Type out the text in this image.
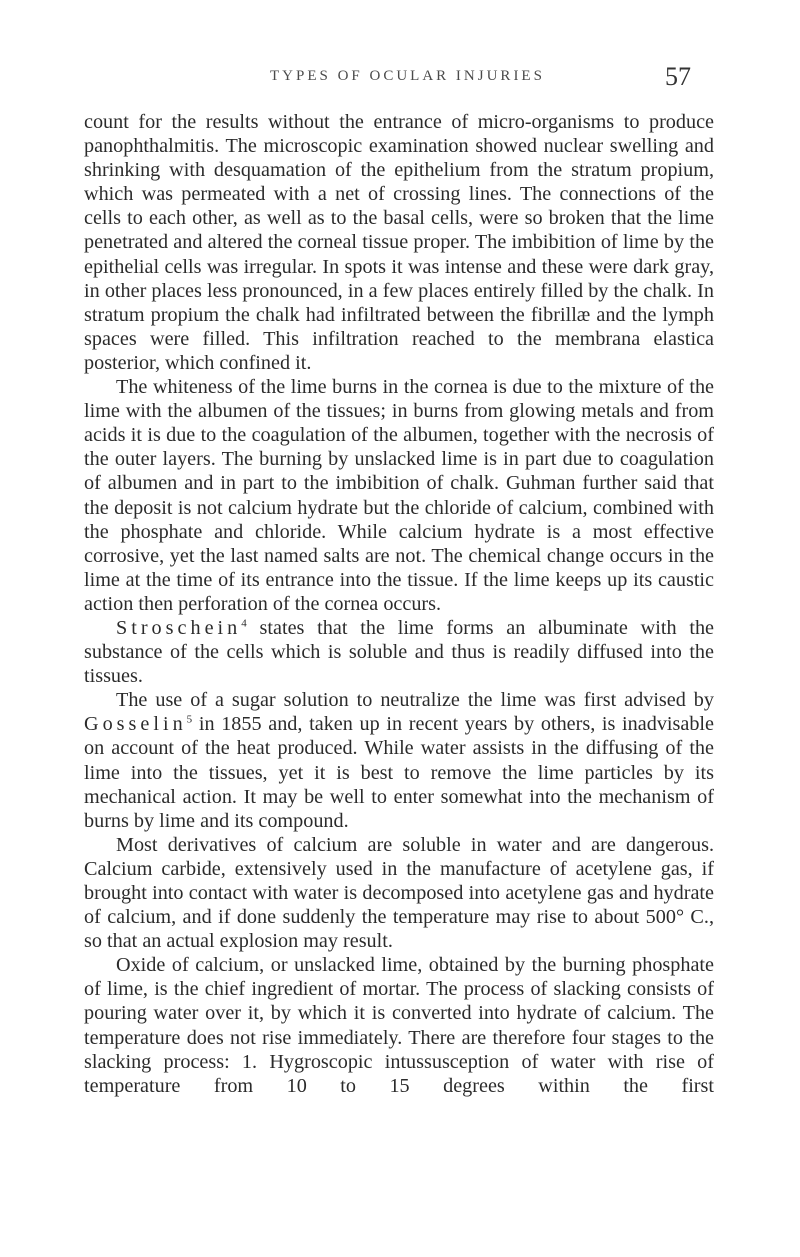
TYPES OF OCULAR INJURIES	57

count for the results without the entrance of micro-organisms to produce panophthalmitis. The microscopic examination showed nuclear swelling and shrinking with desquamation of the epithelium from the stratum propium, which was permeated with a net of crossing lines. The connections of the cells to each other, as well as to the basal cells, were so broken that the lime penetrated and altered the corneal tissue proper. The imbibition of lime by the epithelial cells was irregular. In spots it was intense and these were dark gray, in other places less pronounced, in a few places entirely filled by the chalk. In stratum propium the chalk had infiltrated between the fibrillæ and the lymph spaces were filled. This infiltration reached to the membrana elastica posterior, which confined it.

The whiteness of the lime burns in the cornea is due to the mixture of the lime with the albumen of the tissues; in burns from glowing metals and from acids it is due to the coagulation of the albumen, together with the necrosis of the outer layers. The burning by unslacked lime is in part due to coagulation of albumen and in part to the imbibition of chalk. Guhman further said that the deposit is not calcium hydrate but the chloride of calcium, combined with the phosphate and chloride. While calcium hydrate is a most effective corrosive, yet the last named salts are not. The chemical change occurs in the lime at the time of its entrance into the tissue. If the lime keeps up its caustic action then perforation of the cornea occurs.

Stroschein$^4$ states that the lime forms an albuminate with the substance of the cells which is soluble and thus is readily diffused into the tissues.

The use of a sugar solution to neutralize the lime was first advised by Gosselin$^5$ in 1855 and, taken up in recent years by others, is inadvisable on account of the heat produced. While water assists in the diffusing of the lime into the tissues, yet it is best to remove the lime particles by its mechanical action. It may be well to enter somewhat into the mechanism of burns by lime and its compound.

Most derivatives of calcium are soluble in water and are dangerous. Calcium carbide, extensively used in the manufacture of acetylene gas, if brought into contact with water is decomposed into acetylene gas and hydrate of calcium, and if done suddenly the temperature may rise to about 500° C., so that an actual explosion may result.

Oxide of calcium, or unslacked lime, obtained by the burning phosphate of lime, is the chief ingredient of mortar. The process of slacking consists of pouring water over it, by which it is converted into hydrate of calcium. The temperature does not rise immediately. There are therefore four stages to the slacking process: 1. Hygroscopic intussusception of water with rise of temperature from 10 to 15 degrees within the first
